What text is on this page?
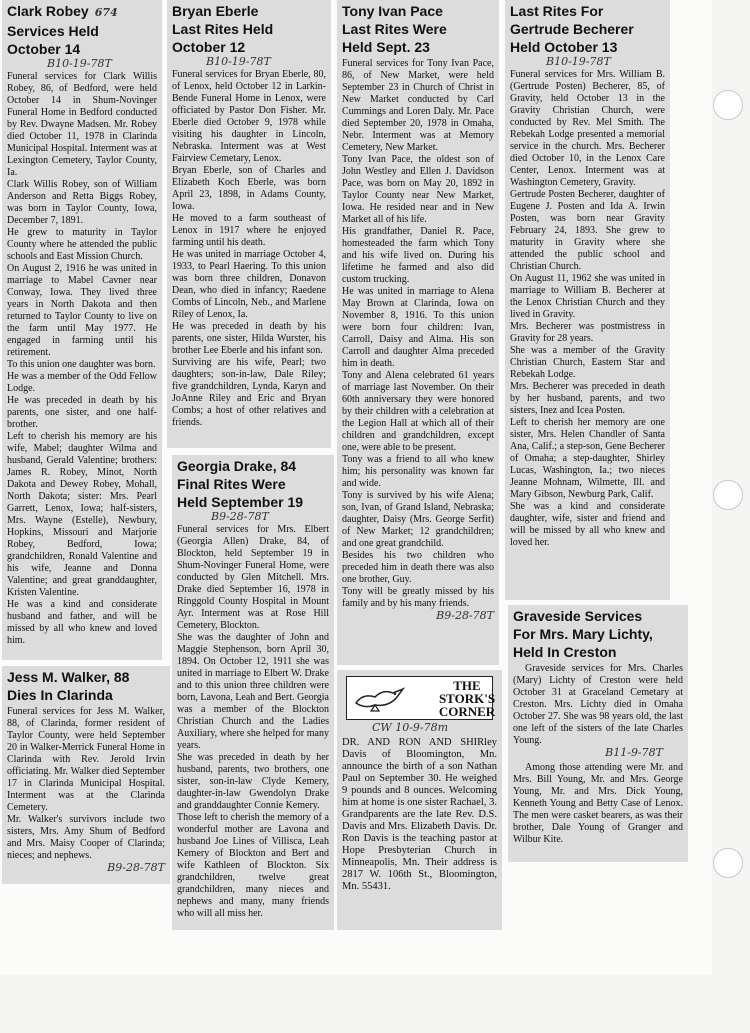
Clark Robey 674
Services Held
October 14
B10-19-78T
Funeral services for Clark Willis Robey, 86, of Bedford, were held October 14 in Shum-Novinger Funeral Home in Bedford conducted by Rev. Dwayne Madsen. Mr. Robey died October 11, 1978 in Clarinda Municipal Hospital. Interment was at Lexington Cemetery, Taylor County, Ia.
Clark Willis Robey, son of William Anderson and Retta Biggs Robey, was born in Taylor County, Iowa, December 7, 1891.
He grew to maturity in Taylor County where he attended the public schools and East Mission Church.
On August 2, 1916 he was united in marriage to Mabel Cavner near Conway, Iowa. They lived three years in North Dakota and then returned to Taylor County to live on the farm until May 1977. He engaged in farming until his retirement.
To this union one daughter was born.
He was a member of the Odd Fellow Lodge.
He was preceded in death by his parents, one sister, and one half-brother.
Left to cherish his memory are his wife, Mabel; daughter Wilma and husband, Gerald Valentine; brothers: James R. Robey, Minot, North Dakota and Dewey Robey, Mohall, North Dakota; sister: Mrs. Pearl Garrett, Lenox, Iowa; half-sisters, Mrs. Wayne (Estelle), Newbury, Hopkins, Missouri and Marjorie Robey, Bedford, Iowa; grandchildren, Ronald Valentine and his wife, Jeanne and Donna Valentine; and great granddaughter, Kristen Valentine.
He was a kind and considerate husband and father, and will be missed by all who knew and loved him.
Jess M. Walker, 88
Dies In Clarinda
Funeral services for Jess M. Walker, 88, of Clarinda, former resident of Taylor County, were held September 20 in Walker-Merrick Funeral Home in Clarinda with Rev. Jerold Irvin officiating. Mr. Walker died September 17 in Clarinda Municipal Hospital. Interment was at the Clarinda Cemetery.
Mr. Walker's survivors include two sisters, Mrs. Amy Shum of Bedford and Mrs. Maisy Cooper of Clarinda; nieces; and nephews.
B9-28-78T
Bryan Eberle
Last Rites Held
October 12
B10-19-78T
Funeral services for Bryan Eberle, 80, of Lenox, held October 12 in Larkin-Bende Funeral Home in Lenox, were officiated by Pastor Don Fisher. Mr. Eberle died October 9, 1978 while visiting his daughter in Lincoln, Nebraska. Interment was at West Fairview Cemetary, Lenox.
Bryan Eberle, son of Charles and Elizabeth Koch Eberle, was born April 23, 1898, in Adams County, Iowa.
He moved to a farm southeast of Lenox in 1917 where he enjoyed farming until his death.
He was united in marriage October 4, 1933, to Pearl Haering. To this union was born three children, Donavon Dean, who died in infancy; Raedene Combs of Lincoln, Neb., and Marlene Riley of Lenox, Ia.
He was preceded in death by his parents, one sister, Hilda Wurster, his brother Lee Eberle and his infant son.
Surviving are his wife, Pearl; two daughters; son-in-law, Dale Riley; five grandchildren, Lynda, Karyn and JoAnne Riley and Eric and Bryan Combs; a host of other relatives and friends.
Georgia Drake, 84
Final Rites Were
Held September 19
B9-28-78T
Funeral services for Mrs. Elbert (Georgia Allen) Drake, 84, of Blockton, held September 19 in Shum-Novinger Funeral Home, were conducted by Glen Mitchell. Mrs. Drake died September 16, 1978 in Ringgold County Hospital in Mount Ayr. Interment was at Rose Hill Cemetery, Blockton.
She was the daughter of John and Maggie Stephenson, born April 30, 1894. On October 12, 1911 she was united in marriage to Elbert W. Drake and to this union three children were born, Lavona, Leah and Bert. Georgia was a member of the Blockton Christian Church and the Ladies Auxiliary, where she helped for many years.
She was preceded in death by her husband, parents, two brothers, one sister, son-in-law Clyde Kemery, daughter-in-law Gwendolyn Drake and granddaughter Connie Kemery.
Those left to cherish the memory of a wonderful mother are Lavona and husband Joe Lines of Villisca, Leah Kemery of Blockton and Bert and wife Kathleen of Blockton. Six grandchildren, twelve great grandchildren, many nieces and nephews and many, many friends who will all miss her.
Tony Ivan Pace
Last Rites Were
Held Sept. 23
Funeral services for Tony Ivan Pace, 86, of New Market, were held September 23 in Church of Christ in New Market conducted by Carl Cummings and Loren Daly. Mr. Pace died September 20, 1978 in Omaha, Nebr. Interment was at Memory Cemetery, New Market.
Tony Ivan Pace, the oldest son of John Westley and Ellen J. Davidson Pace, was born on May 20, 1892 in Taylor County near New Market, Iowa. He resided near and in New Market all of his life.
His grandfather, Daniel R. Pace, homesteaded the farm which Tony and his wife lived on. During his lifetime he farmed and also did custom trucking.
He was united in marriage to Alena May Brown at Clarinda, Iowa on November 8, 1916. To this union were born four children: Ivan, Carroll, Daisy and Alma. His son Carroll and daughter Alma preceded him in death.
Tony and Alena celebrated 61 years of marriage last November. On their 60th anniversary they were honored by their children with a celebration at the Legion Hall at which all of their children and grandchildren, except one, were able to be present.
Tony was a friend to all who knew him; his personality was known far and wide.
Tony is survived by his wife Alena; son, Ivan, of Grand Island, Nebraska; daughter, Daisy (Mrs. George Serfit) of New Market; 12 grandchildren; and one great grandchild.
Besides his two children who preceded him in death there was also one brother, Guy.
Tony will be greatly missed by his family and by his many friends.
B9-28-78T
THE
STORK'S
CORNER
CW 10-9-78m
DR. AND RON AND SHIRley Davis of Bloomington, Mn. announce the birth of a son Nathan Paul on September 30. He weighed 9 pounds and 8 ounces. Welcoming him at home is one sister Rachael, 3. Grandparents are the late Rev. D.S. Davis and Mrs. Elizabeth Davis. Dr. Ron Davis is the teaching pastor at Hope Presbyterian Church in Minneapolis, Mn. Their address is 2817 W. 106th St., Bloomington, Mn. 55431.
Last Rites For
Gertrude Becherer
Held October 13
B10-19-78T
Funeral services for Mrs. William B. (Gertrude Posten) Becherer, 85, of Gravity, held October 13 in the Gravity Christian Church, were conducted by Rev. Mel Smith. The Rebekah Lodge presented a memorial service in the church. Mrs. Becherer died October 10, in the Lenox Care Center, Lenox. Interment was at Washington Cemetery, Gravity.
Gertrude Posten Becherer, daughter of Eugene J. Posten and Ida A. Irwin Posten, was born near Gravity February 24, 1893. She grew to maturity in Gravity where she attended the public school and Christian Church.
On August 11, 1962 she was united in marriage to William B. Becherer at the Lenox Christian Church and they lived in Gravity.
Mrs. Becherer was postmistress in Gravity for 28 years.
She was a member of the Gravity Christian Church, Eastern Star and Rebekah Lodge.
Mrs. Becherer was preceded in death by her husband, parents, and two sisters, Inez and Icea Posten.
Left to cherish her memory are one sister, Mrs. Helen Chandler of Santa Ana, Calif.; a step-son, Gene Becherer of Omaha; a step-daughter, Shirley Lucas, Washington, Ia.; two nieces Jeanne Mohnam, Wilmette, Ill. and Mary Gibson, Newburg Park, Calif.
She was a kind and considerate daughter, wife, sister and friend and will be missed by all who knew and loved her.
Graveside Services
For Mrs. Mary Lichty,
Held In Creston
Graveside services for Mrs. Charles (Mary) Lichty of Creston were held October 31 at Graceland Cemetary at Creston. Mrs. Lichty died in Omaha October 27. She was 98 years old, the last one left of the sisters of the late Charles Young.
B11-9-78T
Among those attending were Mr. and Mrs. Bill Young, Mr. and Mrs. George Young, Mr. and Mrs. Dick Young, Kenneth Young and Betty Case of Lenox. The men were casket bearers, as was their brother, Dale Young of Granger and Wilbur Kite.
